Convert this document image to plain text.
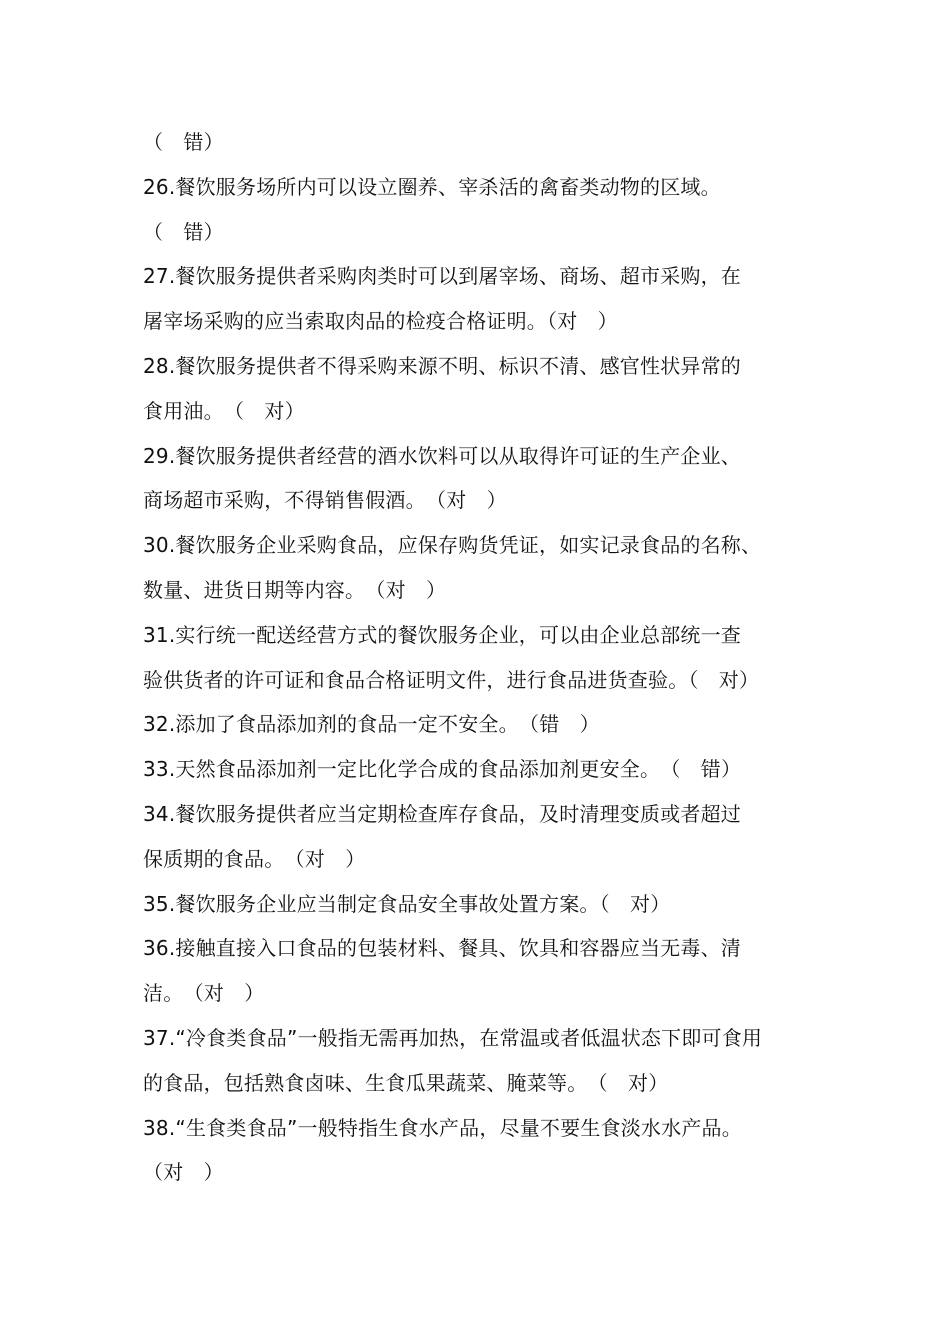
（　错）
26.餐饮服务场所内可以设立圈养、宰杀活的禽畜类动物的区域。
（　错）
27.餐饮服务提供者采购肉类时可以到屠宰场、商场、超市采购，在
屠宰场采购的应当索取肉品的检疫合格证明。（对　）
28.餐饮服务提供者不得采购来源不明、标识不清、感官性状异常的
食用油。　（　对）
29.餐饮服务提供者经营的酒水饮料可以从取得许可证的生产企业、
商场超市采购，不得销售假酒。　（对　）
30.餐饮服务企业采购食品，应保存购货凭证，如实记录食品的名称、
数量、进货日期等内容。　（对　）
31.实行统一配送经营方式的餐饮服务企业，可以由企业总部统一查
验供货者的许可证和食品合格证明文件，进行食品进货查验。（　对）
32.添加了食品添加剂的食品一定不安全。　（错　）
33.天然食品添加剂一定比化学合成的食品添加剂更安全。　（　错）
34.餐饮服务提供者应当定期检查库存食品，及时清理变质或者超过
保质期的食品。　（对　）
35.餐饮服务企业应当制定食品安全事故处置方案。（　对）
36.接触直接入口食品的包装材料、餐具、饮具和容器应当无毒、清
洁。　（对　）
37.“冷食类食品”一般指无需再加热，在常温或者低温状态下即可食用
的食品，包括熟食卤味、生食瓜果蔬菜、腌菜等。　（　对）
38.“生食类食品”一般特指生食水产品，尽量不要生食淡水水产品。
（对　）
